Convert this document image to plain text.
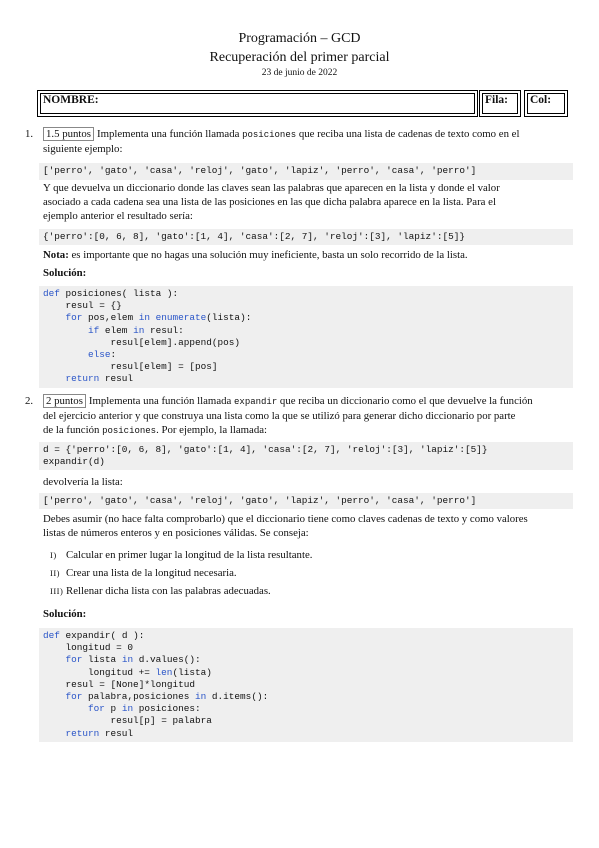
Programación – GCD
Recuperación del primer parcial
23 de junio de 2022
NOMBRE:	Fila: Col:
1. 1.5 puntos Implementa una función llamada posiciones que reciba una lista de cadenas de texto como en el
siguiente ejemplo:
['perro', 'gato', 'casa', 'reloj', 'gato', 'lapiz', 'perro', 'casa', 'perro']
Y que devuelva un diccionario donde las claves sean las palabras que aparecen en la lista y donde el valor
asociado a cada cadena sea una lista de las posiciones en las que dicha palabra aparece en la lista. Para el
ejemplo anterior el resultado sería:
{'perro':[0, 6, 8], 'gato':[1, 4], 'casa':[2, 7], 'reloj':[3], 'lapiz':[5]}
Nota: es importante que no hagas una solución muy ineficiente, basta un solo recorrido de la lista.
Solución:
def posiciones( lista ):
resul = {}
for pos,elem in enumerate(lista):
if elem in resul:
resul[elem].append(pos)
else:
resul[elem] = [pos]
return resul
2. 2 puntos Implementa una función llamada expandir que reciba un diccionario como el que devuelve la función
del ejercicio anterior y que construya una lista como la que se utilizó para generar dicho diccionario por parte
de la función posiciones. Por ejemplo, la llamada:
d = {'perro':[0, 6, 8], 'gato':[1, 4], 'casa':[2, 7], 'reloj':[3], 'lapiz':[5]}
expandir(d)
devolvería la lista:
['perro', 'gato', 'casa', 'reloj', 'gato', 'lapiz', 'perro', 'casa', 'perro']
Debes asumir (no hace falta comprobarlo) que el diccionario tiene como claves cadenas de texto y como valores
listas de números enteros y en posiciones válidas. Se conseja:
I) Calcular en primer lugar la longitud de la lista resultante.
II) Crear una lista de la longitud necesaria.
III) Rellenar dicha lista con las palabras adecuadas.
Solución:
def expandir( d ):
longitud = 0
for lista in d.values():
longitud += len(lista)
resul = [None]*longitud
for palabra,posiciones in d.items():
for p in posiciones:
resul[p] = palabra
return resul
